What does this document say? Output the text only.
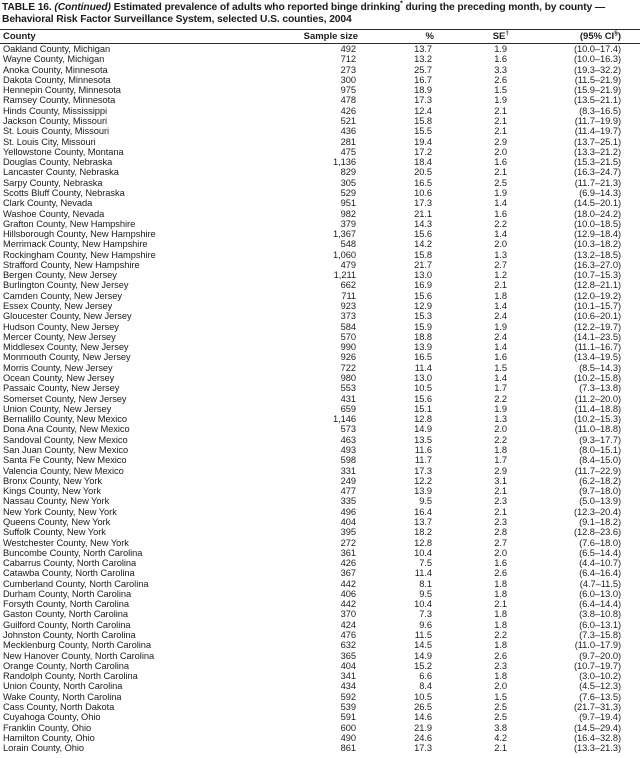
TABLE 16. (Continued) Estimated prevalence of adults who reported binge drinking* during the preceding month, by county —
Behavioral Risk Factor Surveillance System, selected U.S. counties, 2004
County	Sample size	%	SE†	(95% CI§)
Oakland County, Michigan	492	13.7	1.9	(10.0–17.4)
Wayne County, Michigan	712	13.2	1.6	(10.0–16.3)
Anoka County, Minnesota	273	25.7	3.3	(19.3–32.2)
Dakota County, Minnesota	300	16.7	2.6	(11.5–21.9)
Hennepin County, Minnesota	975	18.9	1.5	(15.9–21.9)
Ramsey County, Minnesota	478	17.3	1.9	(13.5–21.1)
Hinds County, Mississippi	426	12.4	2.1	(8.3–16.5)
Jackson County, Missouri	521	15.8	2.1	(11.7–19.9)
St. Louis County, Missouri	436	15.5	2.1	(11.4–19.7)
St. Louis City, Missouri	281	19.4	2.9	(13.7–25.1)
Yellowstone County, Montana	475	17.2	2.0	(13.3–21.2)
Douglas County, Nebraska	1,136	18.4	1.6	(15.3–21.5)
Lancaster County, Nebraska	829	20.5	2.1	(16.3–24.7)
Sarpy County, Nebraska	305	16.5	2.5	(11.7–21.3)
Scotts Bluff County, Nebraska	529	10.6	1.9	(6.9–14.3)
Clark County, Nevada	951	17.3	1.4	(14.5–20.1)
Washoe County, Nevada	982	21.1	1.6	(18.0–24.2)
Grafton County, New Hampshire	379	14.3	2.2	(10.0–18.5)
Hillsborough County, New Hampshire	1,367	15.6	1.4	(12.9–18.4)
Merrimack County, New Hampshire	548	14.2	2.0	(10.3–18.2)
Rockingham County, New Hampshire	1,060	15.8	1.3	(13.2–18.5)
Strafford County, New Hampshire	479	21.7	2.7	(16.3–27.0)
Bergen County, New Jersey	1,211	13.0	1.2	(10.7–15.3)
Burlington County, New Jersey	662	16.9	2.1	(12.8–21.1)
Camden County, New Jersey	711	15.6	1.8	(12.0–19.2)
Essex County, New Jersey	923	12.9	1.4	(10.1–15.7)
Gloucester County, New Jersey	373	15.3	2.4	(10.6–20.1)
Hudson County, New Jersey	584	15.9	1.9	(12.2–19.7)
Mercer County, New Jersey	570	18.8	2.4	(14.1–23.5)
Middlesex County, New Jersey	990	13.9	1.4	(11.1–16.7)
Monmouth County, New Jersey	926	16.5	1.6	(13.4–19.5)
Morris County, New Jersey	722	11.4	1.5	(8.5–14.3)
Ocean County, New Jersey	980	13.0	1.4	(10.2–15.8)
Passaic County, New Jersey	553	10.5	1.7	(7.3–13.8)
Somerset County, New Jersey	431	15.6	2.2	(11.2–20.0)
Union County, New Jersey	659	15.1	1.9	(11.4–18.8)
Bernalillo County, New Mexico	1,146	12.8	1.3	(10.2–15.3)
Dona Ana County, New Mexico	573	14.9	2.0	(11.0–18.8)
Sandoval County, New Mexico	463	13.5	2.2	(9.3–17.7)
San Juan County, New Mexico	493	11.6	1.8	(8.0–15.1)
Santa Fe County, New Mexico	598	11.7	1.7	(8.4–15.0)
Valencia County, New Mexico	331	17.3	2.9	(11.7–22.9)
Bronx County, New York	249	12.2	3.1	(6.2–18.2)
Kings County, New York	477	13.9	2.1	(9.7–18.0)
Nassau County, New York	335	9.5	2.3	(5.0–13.9)
New York County, New York	496	16.4	2.1	(12.3–20.4)
Queens County, New York	404	13.7	2.3	(9.1–18.2)
Suffolk County, New York	395	18.2	2.8	(12.8–23.6)
Westchester County, New York	272	12.8	2.7	(7.6–18.0)
Buncombe County, North Carolina	361	10.4	2.0	(6.5–14.4)
Cabarrus County, North Carolina	426	7.5	1.6	(4.4–10.7)
Catawba County, North Carolina	367	11.4	2.6	(6.4–16.4)
Cumberland County, North Carolina	442	8.1	1.8	(4.7–11.5)
Durham County, North Carolina	406	9.5	1.8	(6.0–13.0)
Forsyth County, North Carolina	442	10.4	2.1	(6.4–14.4)
Gaston County, North Carolina	370	7.3	1.8	(3.8–10.8)
Guilford County, North Carolina	424	9.6	1.8	(6.0–13.1)
Johnston County, North Carolina	476	11.5	2.2	(7.3–15.8)
Mecklenburg County, North Carolina	632	14.5	1.8	(11.0–17.9)
New Hanover County, North Carolina	365	14.9	2.6	(9.7–20.0)
Orange County, North Carolina	404	15.2	2.3	(10.7–19.7)
Randolph County, North Carolina	341	6.6	1.8	(3.0–10.2)
Union County, North Carolina	434	8.4	2.0	(4.5–12.3)
Wake County, North Carolina	592	10.5	1.5	(7.6–13.5)
Cass County, North Dakota	539	26.5	2.5	(21.7–31.3)
Cuyahoga County, Ohio	591	14.6	2.5	(9.7–19.4)
Franklin County, Ohio	600	21.9	3.8	(14.5–29.4)
Hamilton County, Ohio	490	24.6	4.2	(16.4–32.8)
Lorain County, Ohio	861	17.3	2.1	(13.3–21.3)
